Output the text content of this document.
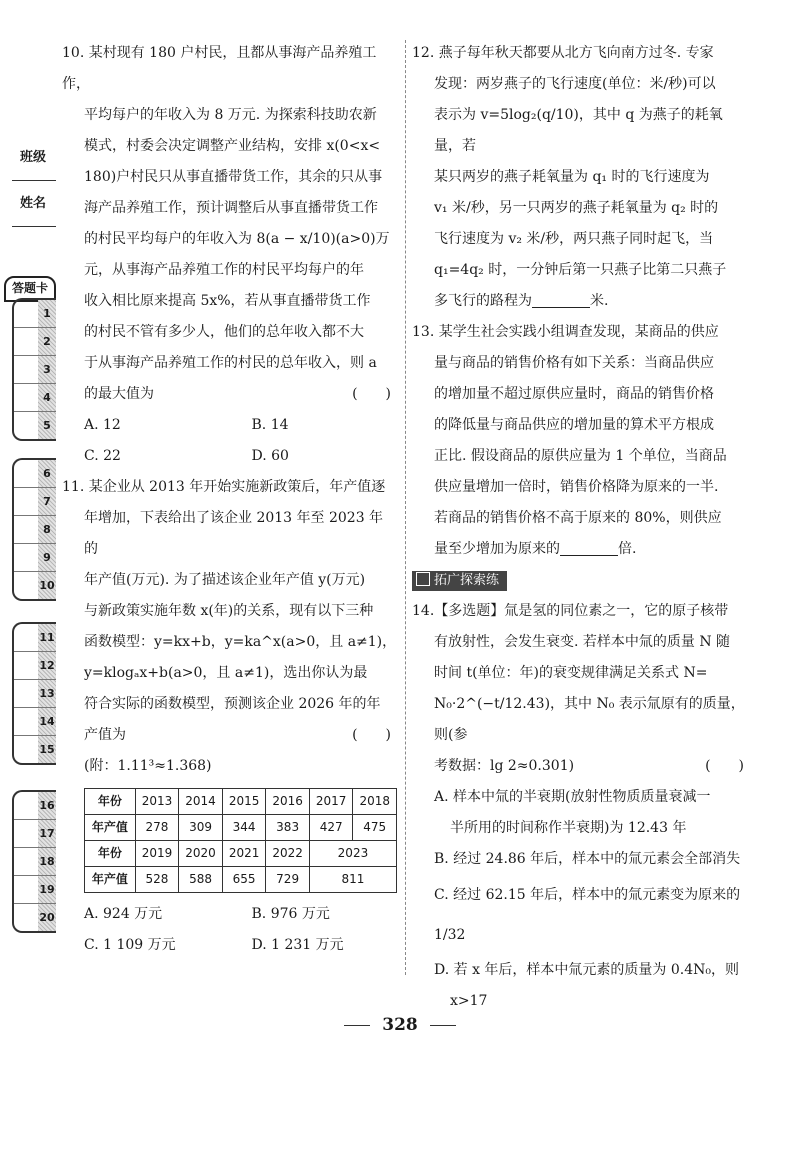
班级
姓名
答题卡
1
2
3
4
5
6
7
8
9
10
11
12
13
14
15
16
17
18
19
20
10. 某村现有 180 户村民，且都从事海产品养殖工作，
平均每户的年收入为 8 万元. 为探索科技助农新
模式，村委会决定调整产业结构，安排 x(0<x<
180)户村民只从事直播带货工作，其余的只从事
海产品养殖工作，预计调整后从事直播带货工作
的村民平均每户的年收入为 8(a − x/10)(a>0)万
元，从事海产品养殖工作的村民平均每户的年
收入相比原来提高 5x%，若从事直播带货工作
的村民不管有多少人，他们的总年收入都不大
于从事海产品养殖工作的村民的总年收入，则 a
的最大值为	(　　)
A. 12	B. 14
C. 22	D. 60
11. 某企业从 2013 年开始实施新政策后，年产值逐
年增加，下表给出了该企业 2013 年至 2023 年的
年产值(万元). 为了描述该企业年产值 y(万元)
与新政策实施年数 x(年)的关系，现有以下三种
函数模型：y=kx+b，y=ka^x(a>0，且 a≠1)，
y=klogₐx+b(a>0，且 a≠1)，选出你认为最
符合实际的函数模型，预测该企业 2026 年的年
产值为	(　　)
(附：1.11³≈1.368)
年份	2013	2014	2015	2016	2017	2018
年产值	278	309	344	383	427	475
年份	2019	2020	2021	2022	2023	
年产值	528	588	655	729	811	
A. 924 万元	B. 976 万元
C. 1 109 万元	D. 1 231 万元
12. 燕子每年秋天都要从北方飞向南方过冬. 专家
发现：两岁燕子的飞行速度(单位：米/秒)可以
表示为 v=5log₂(q/10)，其中 q 为燕子的耗氧量，若
某只两岁的燕子耗氧量为 q₁ 时的飞行速度为
v₁ 米/秒，另一只两岁的燕子耗氧量为 q₂ 时的
飞行速度为 v₂ 米/秒，两只燕子同时起飞，当
q₁=4q₂ 时，一分钟后第一只燕子比第二只燕子
多飞行的路程为	米.
13. 某学生社会实践小组调查发现，某商品的供应
量与商品的销售价格有如下关系：当商品供应
的增加量不超过原供应量时，商品的销售价格
的降低量与商品供应的增加量的算术平方根成
正比. 假设商品的原供应量为 1 个单位，当商品
供应量增加一倍时，销售价格降为原来的一半.
若商品的销售价格不高于原来的 80%，则供应
量至少增加为原来的	倍.
拓广探索练
14.【多选题】氚是氢的同位素之一，它的原子核带
有放射性，会发生衰变. 若样本中氚的质量 N 随
时间 t(单位：年)的衰变规律满足关系式 N=
N₀·2^(−t/12.43)，其中 N₀ 表示氚原有的质量，则(参
考数据：lg 2≈0.301)	(　　)
A. 样本中氚的半衰期(放射性物质质量衰减一
半所用的时间称作半衰期)为 12.43 年
B. 经过 24.86 年后，样本中的氚元素会全部消失
C. 经过 62.15 年后，样本中的氚元素变为原来的 1/32
D. 若 x 年后，样本中氚元素的质量为 0.4N₀，则
x>17
328
